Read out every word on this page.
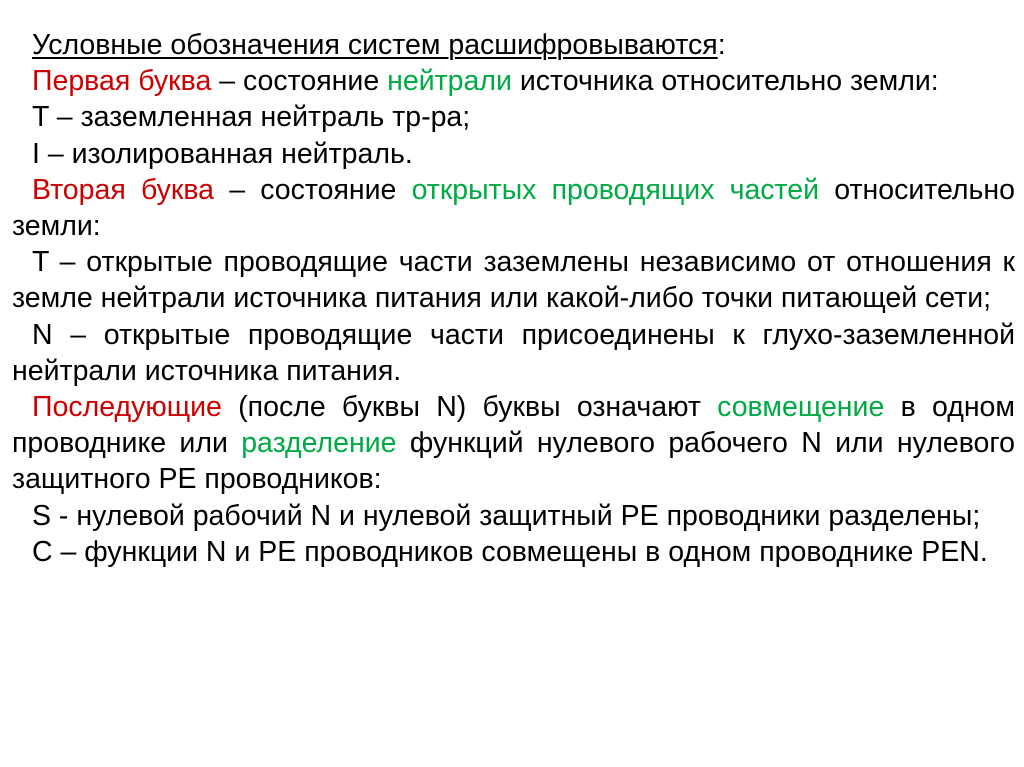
Условные обозначения систем расшифровываются:

Первая буква – состояние нейтрали источника относительно земли:

T – заземленная нейтраль тр-ра;

I – изолированная нейтраль.

Вторая буква – состояние открытых проводящих частей относительно земли:

T – открытые проводящие части заземлены независимо от отношения к земле нейтрали источника питания или какой-либо точки питающей сети;

N – открытые проводящие части присоединены к глухо-заземленной нейтрали источника питания.

Последующие (после буквы N) буквы означают совмещение в одном проводнике или разделение функций нулевого рабочего N или нулевого защитного PE проводников:

S - нулевой рабочий N и нулевой защитный PE проводники разделены;

С – функции N и PE проводников совмещены в одном проводнике PEN.
